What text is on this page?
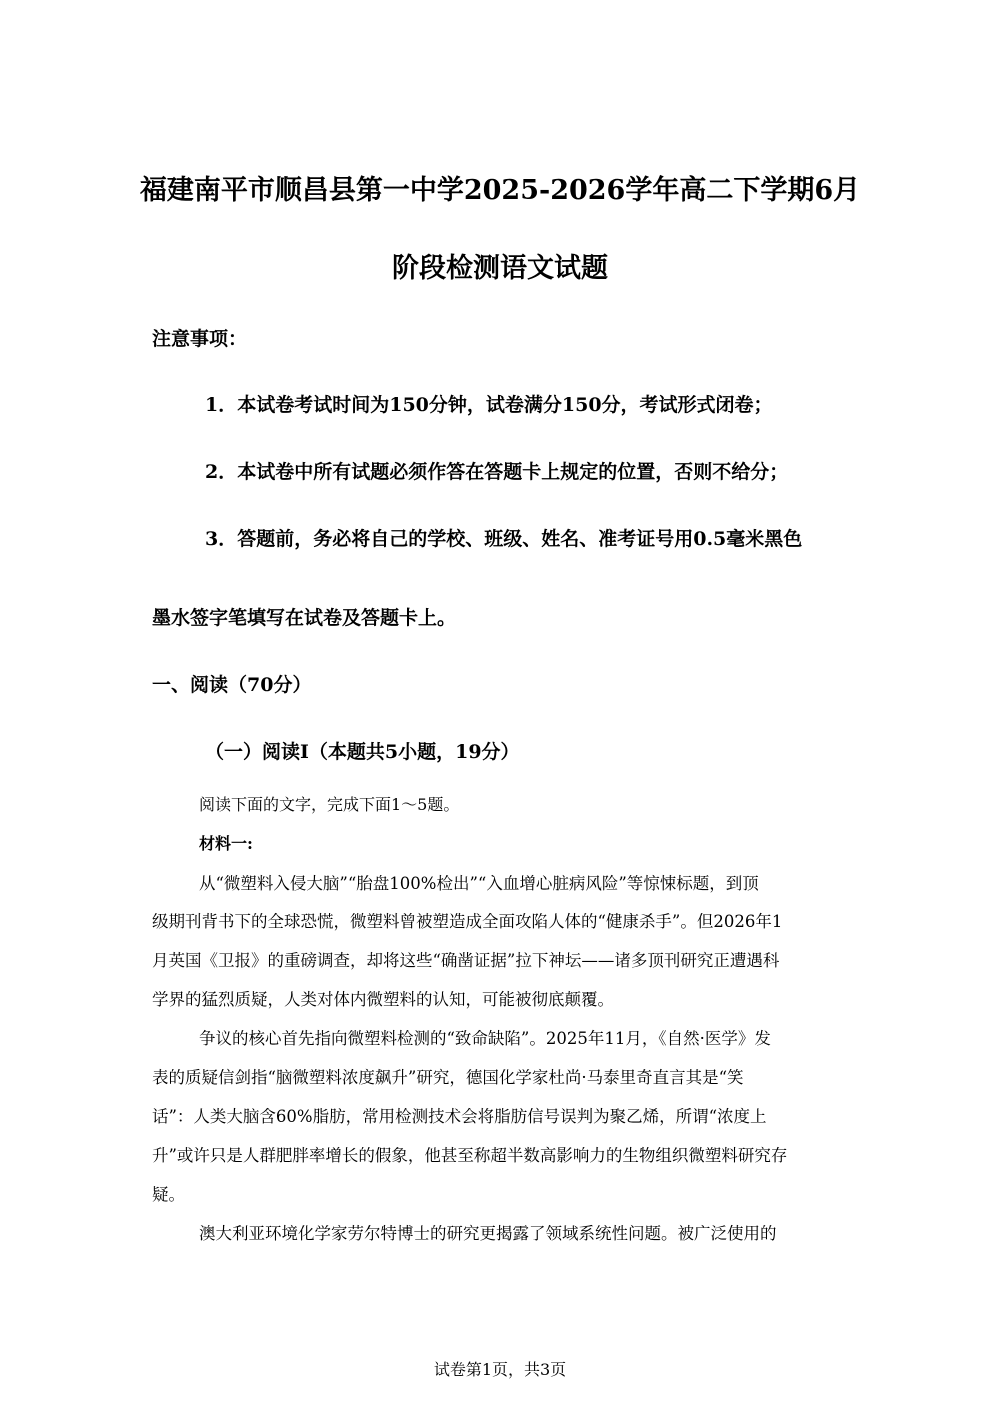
福建南平市顺昌县第一中学2025-2026学年高二下学期6月
阶段检测语文试题
注意事项：
1．本试卷考试时间为150分钟，试卷满分150分，考试形式闭卷；
2．本试卷中所有试题必须作答在答题卡上规定的位置，否则不给分；
3．答题前，务必将自己的学校、班级、姓名、准考证号用0.5毫米黑色
墨水签字笔填写在试卷及答题卡上。
一、阅读（70分）
（一）阅读I（本题共5小题，19分）
阅读下面的文字，完成下面1～5题。
材料一:
从“微塑料入侵大脑”“胎盘100%检出”“入血增心脏病风险”等惊悚标题，到顶
级期刊背书下的全球恐慌，微塑料曾被塑造成全面攻陷人体的“健康杀手”。但2026年1
月英国《卫报》的重磅调查，却将这些“确凿证据”拉下神坛——诸多顶刊研究正遭遇科
学界的猛烈质疑，人类对体内微塑料的认知，可能被彻底颠覆。
争议的核心首先指向微塑料检测的“致命缺陷”。2025年11月，《自然·医学》发
表的质疑信剑指“脑微塑料浓度飙升”研究，德国化学家杜尚·马泰里奇直言其是“笑
话”：人类大脑含60%脂肪，常用检测技术会将脂肪信号误判为聚乙烯，所谓“浓度上
升”或许只是人群肥胖率增长的假象，他甚至称超半数高影响力的生物组织微塑料研究存
疑。
澳大利亚环境化学家劳尔特博士的研究更揭露了领域系统性问题。被广泛使用的
试卷第1页，共3页
